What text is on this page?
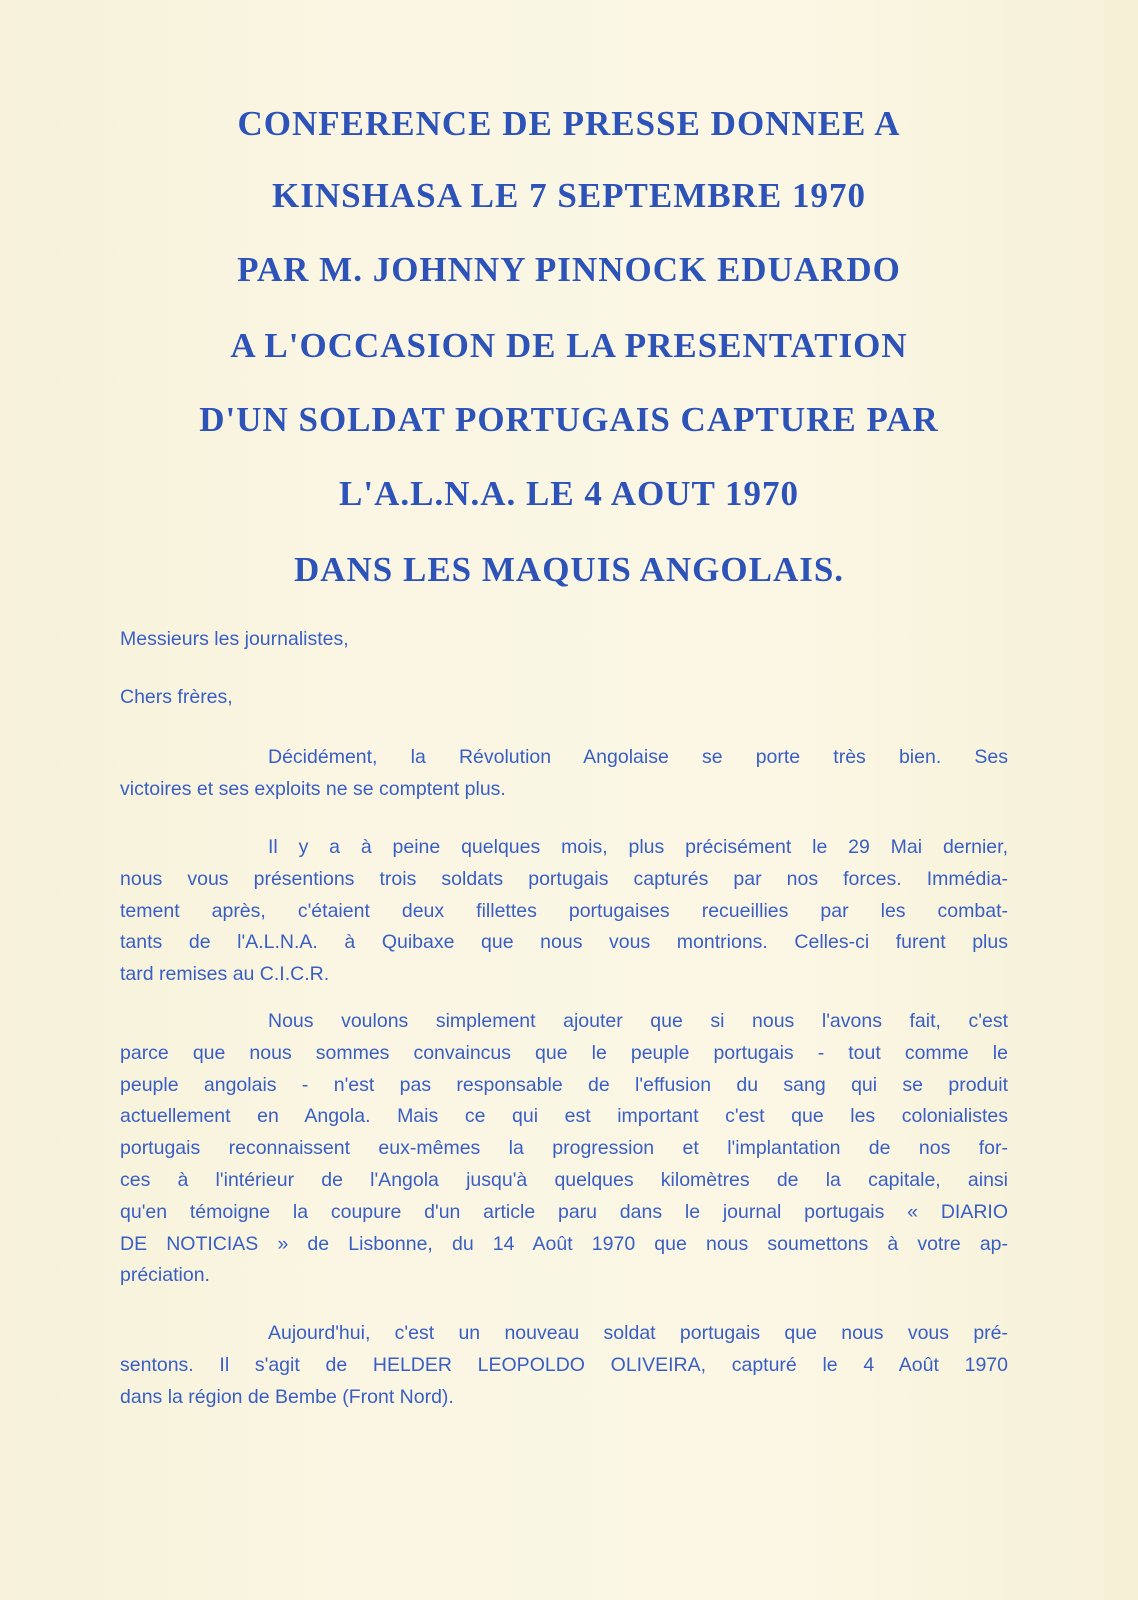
CONFERENCE DE PRESSE DONNEE A
KINSHASA LE 7 SEPTEMBRE 1970
PAR M. JOHNNY PINNOCK EDUARDO
A L'OCCASION DE LA PRESENTATION
D'UN SOLDAT PORTUGAIS CAPTURE PAR
L'A.L.N.A. LE 4 AOUT 1970
DANS LES MAQUIS ANGOLAIS.
Messieurs les journalistes,
Chers frères,
Décidément, la Révolution Angolaise se porte très bien. Ses
victoires et ses exploits ne se comptent plus.
Il y a à peine quelques mois, plus précisément le 29 Mai dernier,
nous vous présentions trois soldats portugais capturés par nos forces. Immédia-
tement après, c'étaient deux fillettes portugaises recueillies par les combat-
tants de l'A.L.N.A. à Quibaxe que nous vous montrions. Celles-ci furent plus
tard remises au C.I.C.R.
Nous voulons simplement ajouter que si nous l'avons fait, c'est
parce que nous sommes convaincus que le peuple portugais - tout comme le
peuple angolais - n'est pas responsable de l'effusion du sang qui se produit
actuellement en Angola. Mais ce qui est important c'est que les colonialistes
portugais reconnaissent eux-mêmes la progression et l'implantation de nos for-
ces à l'intérieur de l'Angola jusqu'à quelques kilomètres de la capitale, ainsi
qu'en témoigne la coupure d'un article paru dans le journal portugais « DIARIO
DE NOTICIAS » de Lisbonne, du 14 Août 1970 que nous soumettons à votre ap-
préciation.
Aujourd'hui, c'est un nouveau soldat portugais que nous vous pré-
sentons. Il s'agit de HELDER LEOPOLDO OLIVEIRA, capturé le 4 Août 1970
dans la région de Bembe (Front Nord).
